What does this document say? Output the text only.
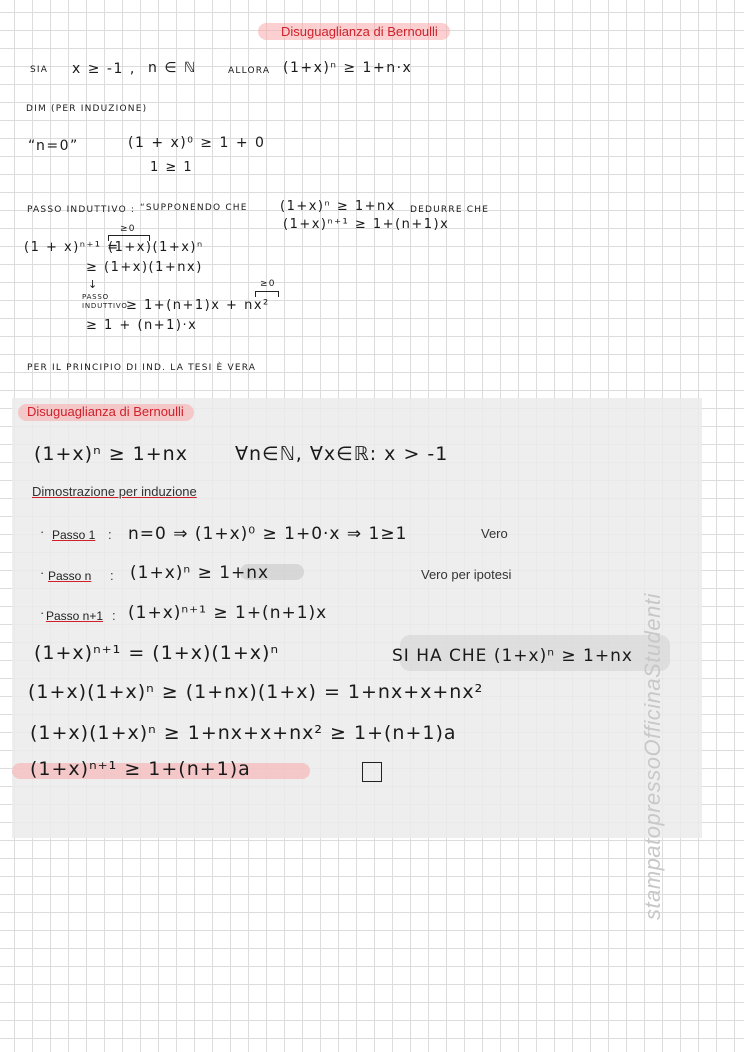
Disuguaglianza di Bernoulli
SIA x ≥ -1 , n ∈ ℕ	ALLORA (1+x)ⁿ ≥ 1+n·x
DIM (PER INDUZIONE)
“n=0”	(1 + x)⁰ ≥ 1 + 0
1 ≥ 1
PASSO INDUTTIVO : “SUPPONENDO CHE (1+x)ⁿ ≥ 1+nx DEDURRE CHE
(1+x)ⁿ⁺¹ ≥ 1+(n+1)x
(1 + x)ⁿ⁺¹ =
≥0
(1+x)(1+x)ⁿ
≥ (1+x)(1+nx)
↓
PASSO INDUTTIVO
≥0
≥ 1+(n+1)x + nx²
≥ 1 + (n+1)·x
PER IL PRINCIPIO DI IND. LA TESI È VERA
Disuguaglianza di Bernoulli
(1+x)ⁿ ≥ 1+nx ∀n∈ℕ, ∀x∈ℝ: x > -1
Dimostrazione per induzione
· Passo 1 : n=0 ⇒ (1+x)⁰ ≥ 1+0·x ⇒ 1≥1	Vero
· Passo n : (1+x)ⁿ ≥ 1+nx	Vero per ipotesi
· Passo n+1 : (1+x)ⁿ⁺¹ ≥ 1+(n+1)x
(1+x)ⁿ⁺¹ = (1+x)(1+x)ⁿ	SI HA CHE (1+x)ⁿ ≥ 1+nx
(1+x)(1+x)ⁿ ≥ (1+nx)(1+x) = 1+nx+x+nx²
(1+x)(1+x)ⁿ ≥ 1+nx+x+nx² ≥ 1+(n+1)a
(1+x)ⁿ⁺¹ ≥ 1+(n+1)a	stampatopressoOfficinaStudenti
